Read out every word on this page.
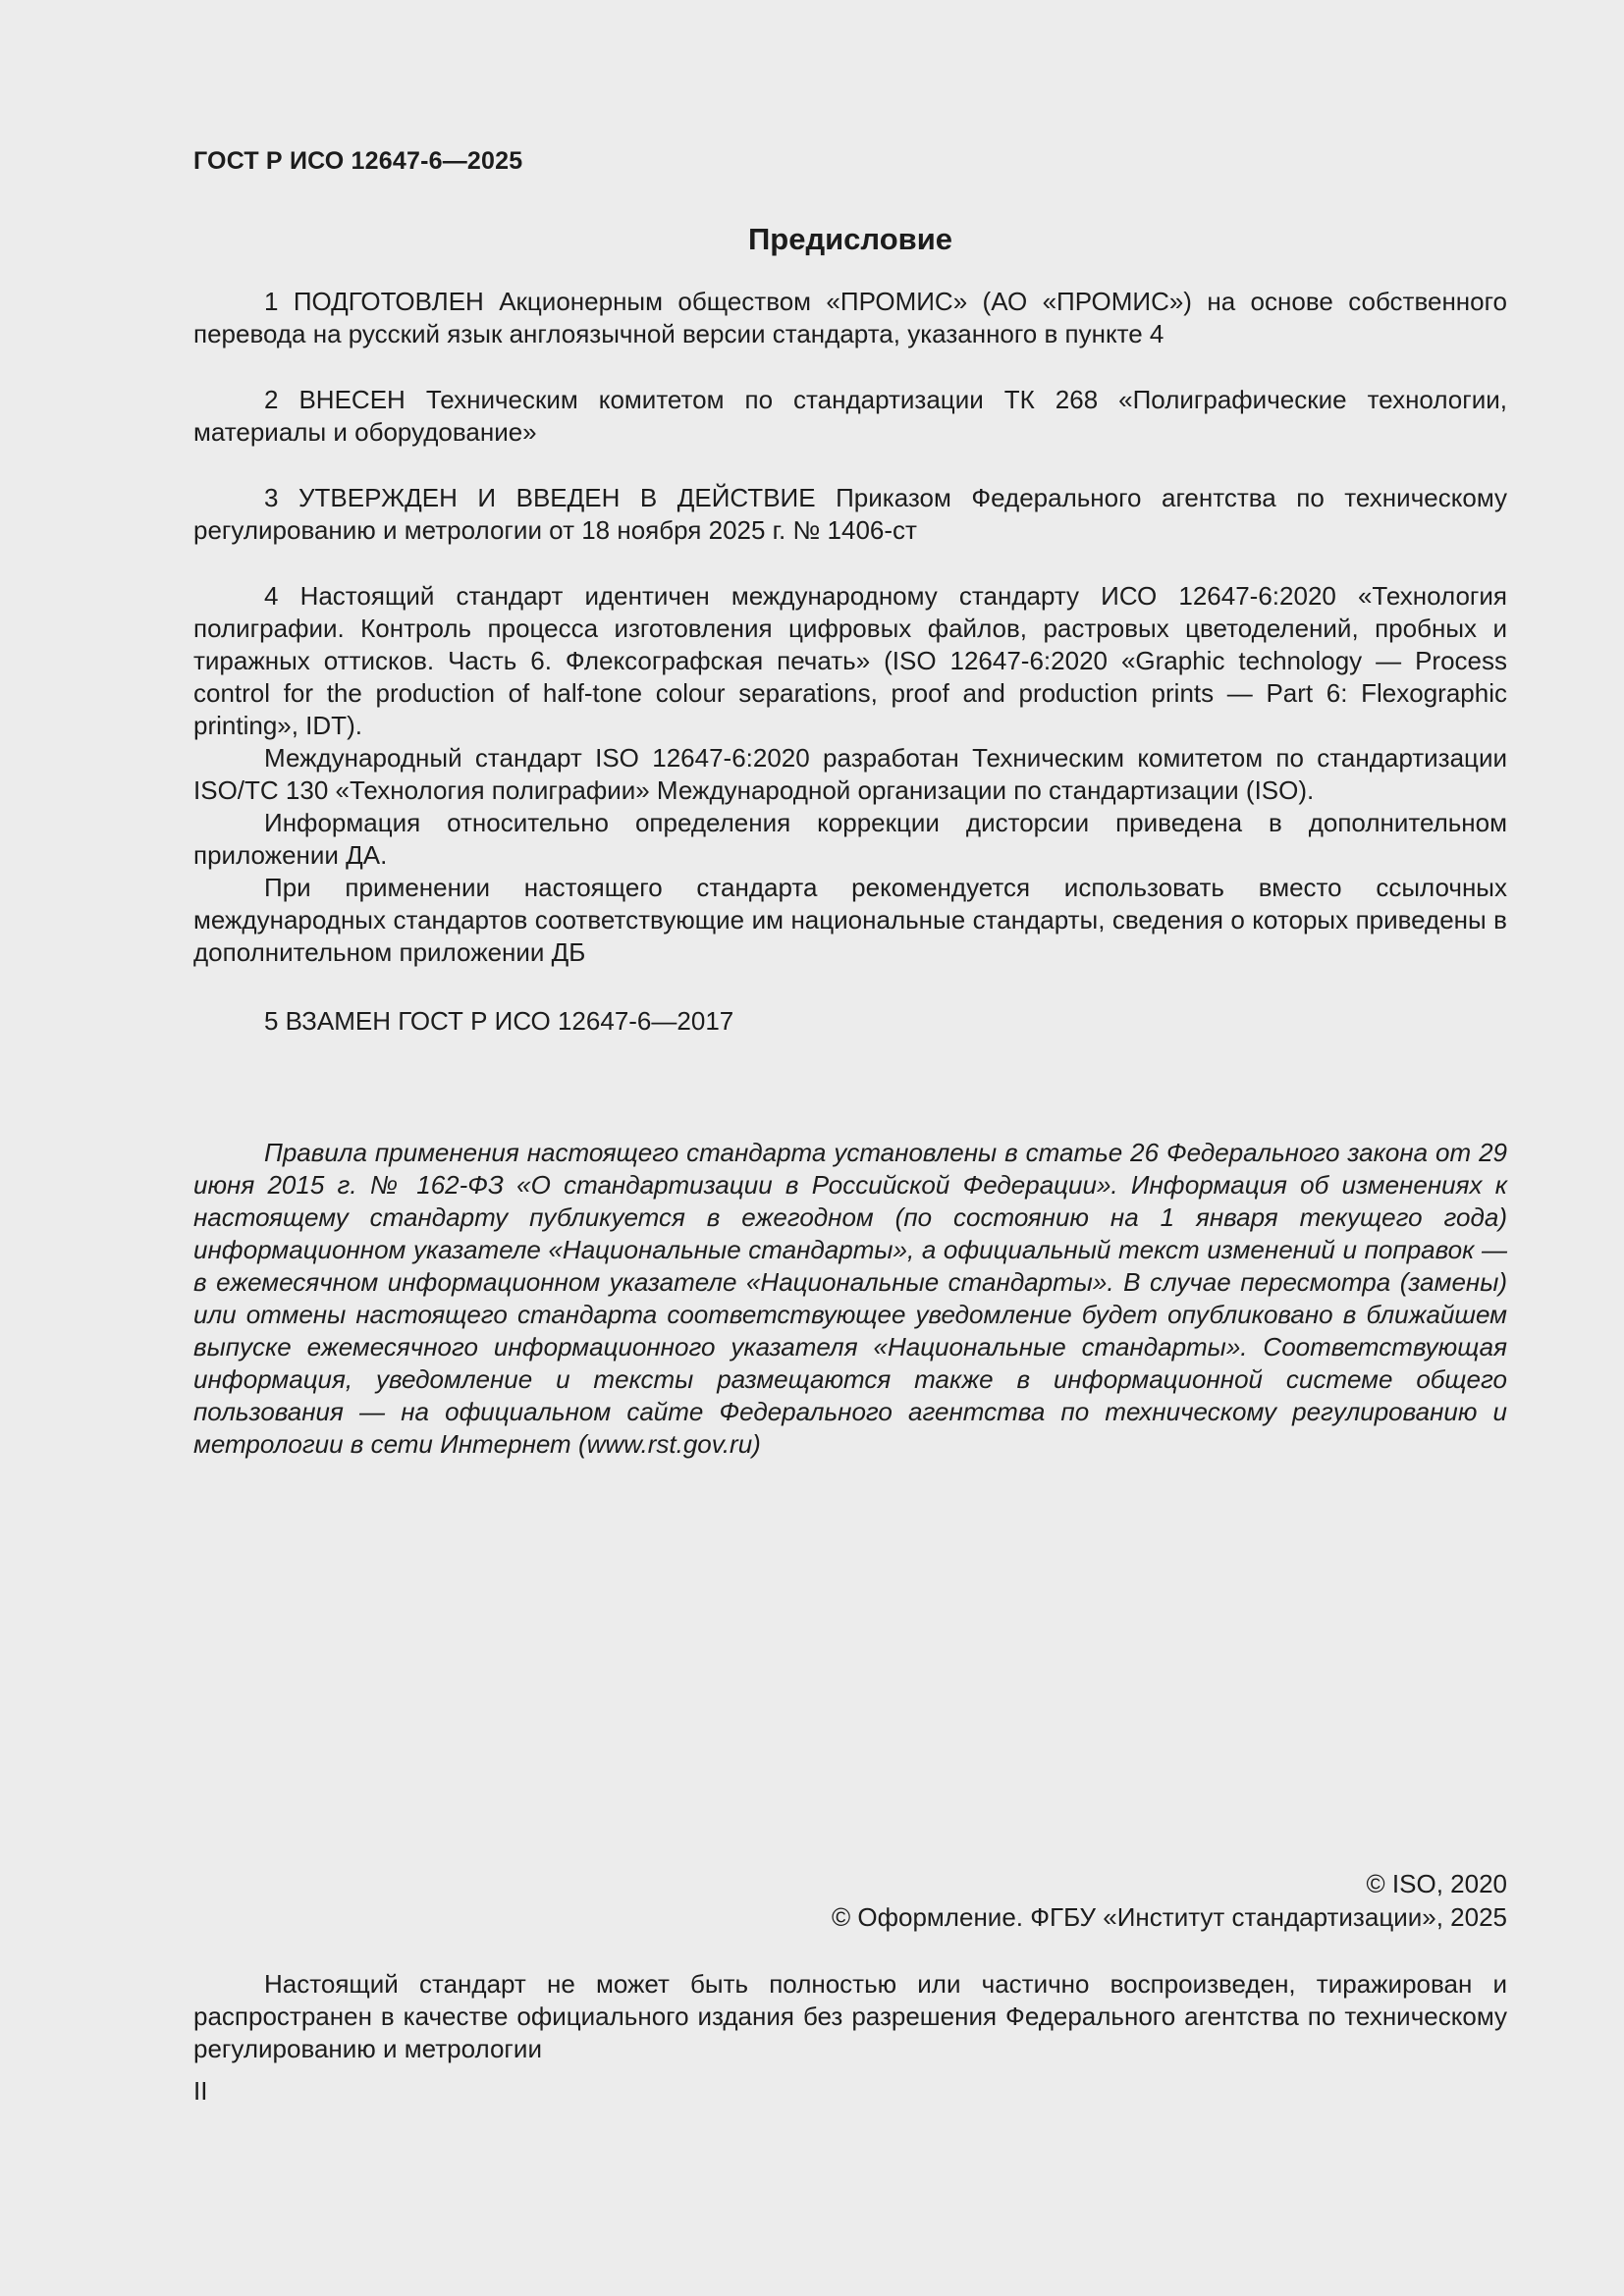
ГОСТ Р ИСО 12647-6—2025
Предисловие

1 ПОДГОТОВЛЕН Акционерным обществом «ПРОМИС» (АО «ПРОМИС») на основе собственного перевода на русский язык англоязычной версии стандарта, указанного в пункте 4

2 ВНЕСЕН Техническим комитетом по стандартизации ТК 268 «Полиграфические технологии, материалы и оборудование»

3 УТВЕРЖДЕН И ВВЕДЕН В ДЕЙСТВИЕ Приказом Федерального агентства по техническому регулированию и метрологии от 18 ноября 2025 г. № 1406-ст

4 Настоящий стандарт идентичен международному стандарту ИСО 12647-6:2020 «Технология полиграфии. Контроль процесса изготовления цифровых файлов, растровых цветоделений, пробных и тиражных оттисков. Часть 6. Флексографская печать» (ISO 12647-6:2020 «Graphic technology — Process control for the production of half-tone colour separations, proof and production prints — Part 6: Flexographic printing», IDT).

Международный стандарт ISO 12647-6:2020 разработан Техническим комитетом по стандартизации ISO/TC 130 «Технология полиграфии» Международной организации по стандартизации (ISO).

Информация относительно определения коррекции дисторсии приведена в дополнительном приложении ДА.

При применении настоящего стандарта рекомендуется использовать вместо ссылочных международных стандартов соответствующие им национальные стандарты, сведения о которых приведены в дополнительном приложении ДБ

5 ВЗАМЕН ГОСТ Р ИСО 12647-6—2017

Правила применения настоящего стандарта установлены в статье 26 Федерального закона от 29 июня 2015 г. № 162-ФЗ «О стандартизации в Российской Федерации». Информация об изменениях к настоящему стандарту публикуется в ежегодном (по состоянию на 1 января текущего года) информационном указателе «Национальные стандарты», а официальный текст изменений и поправок — в ежемесячном информационном указателе «Национальные стандарты». В случае пересмотра (замены) или отмены настоящего стандарта соответствующее уведомление будет опубликовано в ближайшем выпуске ежемесячного информационного указателя «Национальные стандарты». Соответствующая информация, уведомление и тексты размещаются также в информационной системе общего пользования — на официальном сайте Федерального агентства по техническому регулированию и метрологии в сети Интернет (www.rst.gov.ru)

© ISO, 2020
© Оформление. ФГБУ «Институт стандартизации», 2025

Настоящий стандарт не может быть полностью или частично воспроизведен, тиражирован и распространен в качестве официального издания без разрешения Федерального агентства по техническому регулированию и метрологии

II
